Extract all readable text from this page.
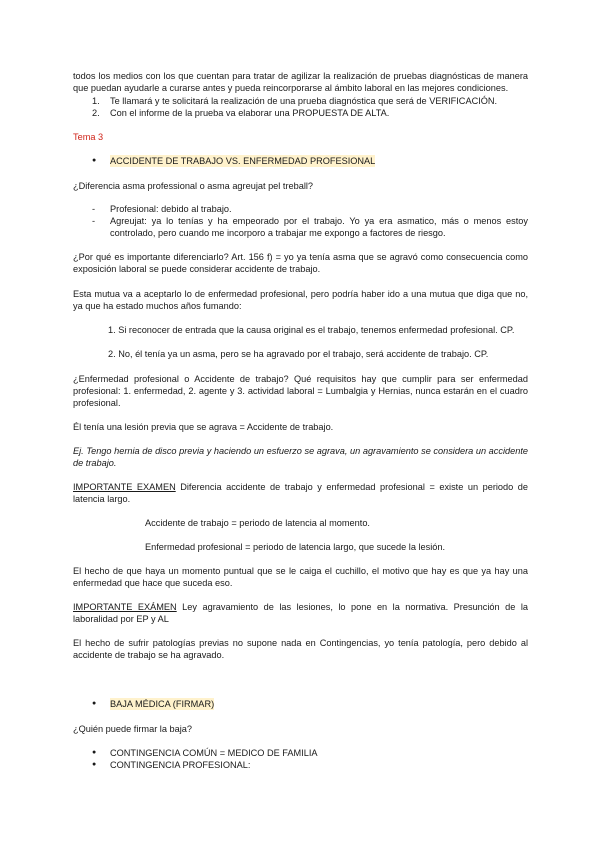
todos los medios con los que cuentan para tratar de agilizar la realización de pruebas diagnósticas de manera que puedan ayudarle a curarse antes y pueda reincorporarse al ámbito laboral en las mejores condiciones.

1. Te llamará y te solicitará la realización de una prueba diagnóstica que será de VERIFICACIÓN.
2. Con el informe de la prueba va elaborar una PROPUESTA DE ALTA.

Tema 3

● ACCIDENTE DE TRABAJO VS. ENFERMEDAD PROFESIONAL

¿Diferencia asma professional o asma agreujat pel treball?

- Profesional: debido al trabajo.
- Agreujat: ya lo tenías y ha empeorado por el trabajo. Yo ya era asmatico, más o menos estoy controlado, pero cuando me incorporo a trabajar me expongo a factores de riesgo.

¿Por qué es importante diferenciarlo? Art. 156 f) = yo ya tenía asma que se agravó como consecuencia como exposición laboral se puede considerar accidente de trabajo.

Esta mutua va a aceptarlo lo de enfermedad profesional, pero podría haber ido a una mutua que diga que no, ya que ha estado muchos años fumando:

1. Si reconocer de entrada que la causa original es el trabajo, tenemos enfermedad profesional. CP.
2. No, él tenía ya un asma, pero se ha agravado por el trabajo, será accidente de trabajo. CP.

¿Enfermedad profesional o Accidente de trabajo? Qué requisitos hay que cumplir para ser enfermedad profesional: 1. enfermedad, 2. agente y 3. actividad laboral = Lumbalgia y Hernias, nunca estarán en el cuadro profesional.

Él tenía una lesión previa que se agrava = Accidente de trabajo.

Ej. Tengo hernia de disco previa y haciendo un esfuerzo se agrava, un agravamiento se considera un accidente de trabajo.

IMPORTANTE EXAMEN Diferencia accidente de trabajo y enfermedad profesional = existe un periodo de latencia largo.

Accidente de trabajo = periodo de latencia al momento.
Enfermedad profesional = periodo de latencia largo, que sucede la lesión.

El hecho de que haya un momento puntual que se le caiga el cuchillo, el motivo que hay es que ya hay una enfermedad que hace que suceda eso.

IMPORTANTE EXÁMEN Ley agravamiento de las lesiones, lo pone en la normativa. Presunción de la laboralidad por EP y AL

El hecho de sufrir patologías previas no supone nada en Contingencias, yo tenía patología, pero debido al accidente de trabajo se ha agravado.

● BAJA MÉDICA (FIRMAR)

¿Quién puede firmar la baja?

● CONTINGENCIA COMÚN = MEDICO DE FAMILIA
● CONTINGENCIA PROFESIONAL:
